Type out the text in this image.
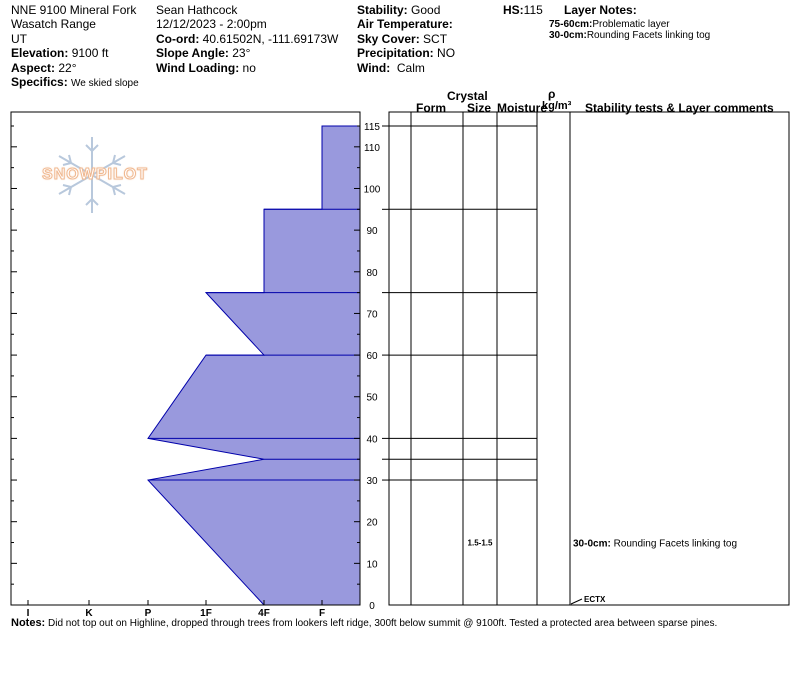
NNE 9100 Mineral Fork
Wasatch Range
UT
Elevation: 9100 ft
Aspect: 22°
Specifics: We skied slope
Sean Hathcock
12/12/2023 - 2:00pm
Co-ord: 40.61502N, -111.69173W
Slope Angle: 23°
Wind Loading: no
Stability: Good
Air Temperature:
Sky Cover: SCT
Precipitation: NO
Wind: Calm
HS:115 Layer Notes:
75-60cm:Problematic layer
30-0cm:Rounding Facets linking tog
Crystal
Form Size Moisture
ρ
kg/m³ Stability tests & Layer comments
SNOWPILOT
I	K	P	1F	4F	F
0
10
20
30
40
50
60
70
80
90
100
110
115
1.5-1.5	30-0cm: Rounding Facets linking tog
ECTX
Notes: Did not top out on Highline, dropped through trees from lookers left ridge, 300ft below summit @ 9100ft. Tested a protected area between sparse pines.
